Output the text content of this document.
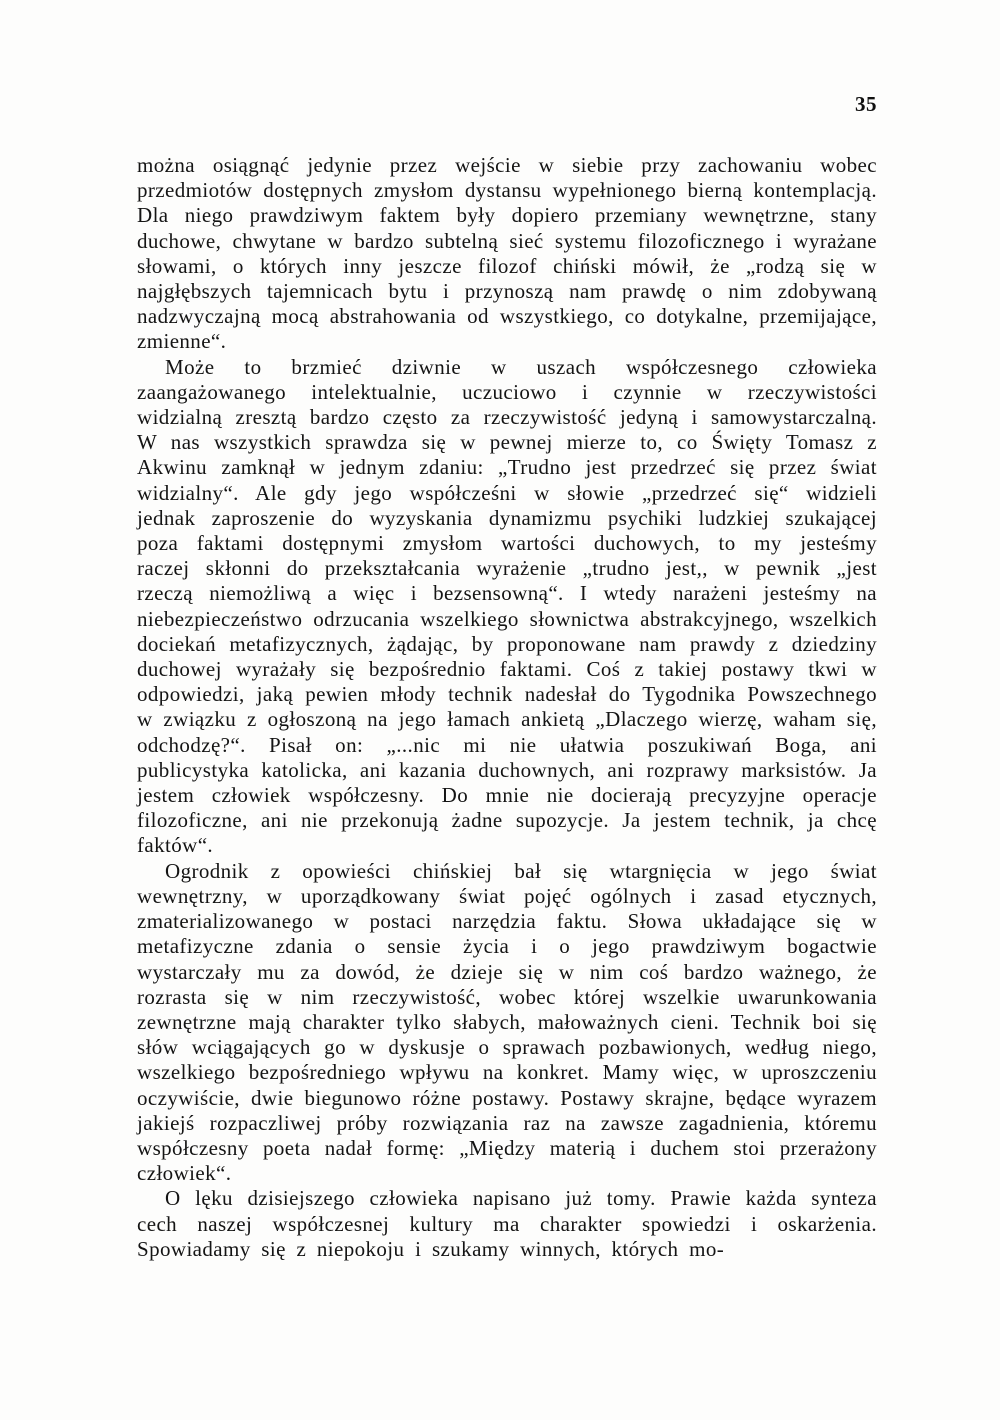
35

można osiągnąć jedynie przez wejście w siebie przy zachowaniu wobec przedmiotów dostępnych zmysłom dystansu wypełnionego bierną kontemplacją. Dla niego prawdziwym faktem były dopiero przemiany wewnętrzne, stany duchowe, chwytane w bardzo subtelną sieć systemu filozoficznego i wyrażane słowami, o których inny jeszcze filozof chiński mówił, że „rodzą się w najgłębszych tajemnicach bytu i przynoszą nam prawdę o nim zdobywaną nadzwyczajną mocą abstrahowania od wszystkiego, co dotykalne, przemijające, zmienne“.

Może to brzmieć dziwnie w uszach współczesnego człowieka zaangażowanego intelektualnie, uczuciowo i czynnie w rzeczywistości widzialną zresztą bardzo często za rzeczywistość jedyną i samowystarczalną. W nas wszystkich sprawdza się w pewnej mierze to, co Święty Tomasz z Akwinu zamknął w jednym zdaniu: „Trudno jest przedrzeć się przez świat widzialny“. Ale gdy jego współcześni w słowie „przedrzeć się“ widzieli jednak zaproszenie do wyzyskania dynamizmu psychiki ludzkiej szukającej poza faktami dostępnymi zmysłom wartości duchowych, to my jesteśmy raczej skłonni do przekształcania wyrażenie „trudno jest,, w pewnik „jest rzeczą niemożliwą a więc i bezsensowną“. I wtedy narażeni jesteśmy na niebezpieczeństwo odrzucania wszelkiego słownictwa abstrakcyjnego, wszelkich dociekań metafizycznych, żądając, by proponowane nam prawdy z dziedziny duchowej wyrażały się bezpośrednio faktami. Coś z takiej postawy tkwi w odpowiedzi, jaką pewien młody technik nadesłał do Tygodnika Powszechnego w związku z ogłoszoną na jego łamach ankietą „Dlaczego wierzę, waham się, odchodzę?“. Pisał on: „...nic mi nie ułatwia poszukiwań Boga, ani publicystyka katolicka, ani kazania duchownych, ani rozprawy marksistów. Ja jestem człowiek współczesny. Do mnie nie docierają precyzyjne operacje filozoficzne, ani nie przekonują żadne supozycje. Ja jestem technik, ja chcę faktów“.

Ogrodnik z opowieści chińskiej bał się wtargnięcia w jego świat wewnętrzny, w uporządkowany świat pojęć ogólnych i zasad etycznych, zmaterializowanego w postaci narzędzia faktu. Słowa układające się w metafizyczne zdania o sensie życia i o jego prawdziwym bogactwie wystarczały mu za dowód, że dzieje się w nim coś bardzo ważnego, że rozrasta się w nim rzeczywistość, wobec której wszelkie uwarunkowania zewnętrzne mają charakter tylko słabych, małoważnych cieni. Technik boi się słów wciągających go w dyskusje o sprawach pozbawionych, według niego, wszelkiego bezpośredniego wpływu na konkret. Mamy więc, w uproszczeniu oczywiście, dwie biegunowo różne postawy. Postawy skrajne, będące wyrazem jakiejś rozpaczliwej próby rozwiązania raz na zawsze zagadnienia, któremu współczesny poeta nadał formę: „Między materią i duchem stoi przerażony człowiek“.

O lęku dzisiejszego człowieka napisano już tomy. Prawie każda synteza cech naszej współczesnej kultury ma charakter spowiedzi i oskarżenia. Spowiadamy się z niepokoju i szukamy winnych, których mo-
